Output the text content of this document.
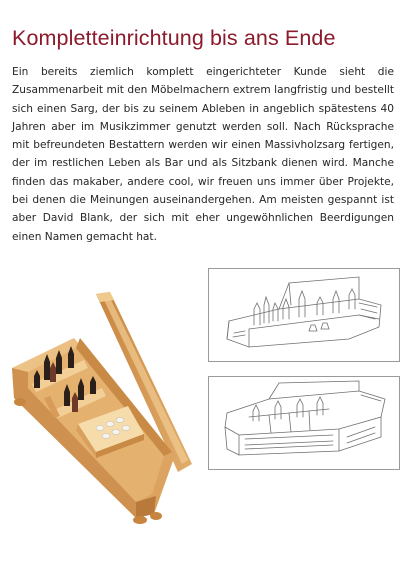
Kompletteinrichtung bis ans Ende

Ein bereits ziemlich komplett eingerichteter Kunde sieht die Zusammenarbeit mit den Möbelmachern extrem langfristig und bestellt sich einen Sarg, der bis zu seinem Ableben in angeblich spätestens 40 Jahren aber im Musikzimmer genutzt werden soll. Nach Rücksprache mit befreundeten Bestattern werden wir einen Massivholzsarg fertigen, der im restlichen Leben als Bar und als Sitzbank dienen wird. Manche finden das makaber, andere cool, wir freuen uns immer über Projekte, bei denen die Meinungen auseinandergehen. Am meisten gespannt ist aber David Blank, der sich mit eher ungewöhnlichen Beerdigungen einen Namen gemacht hat.
